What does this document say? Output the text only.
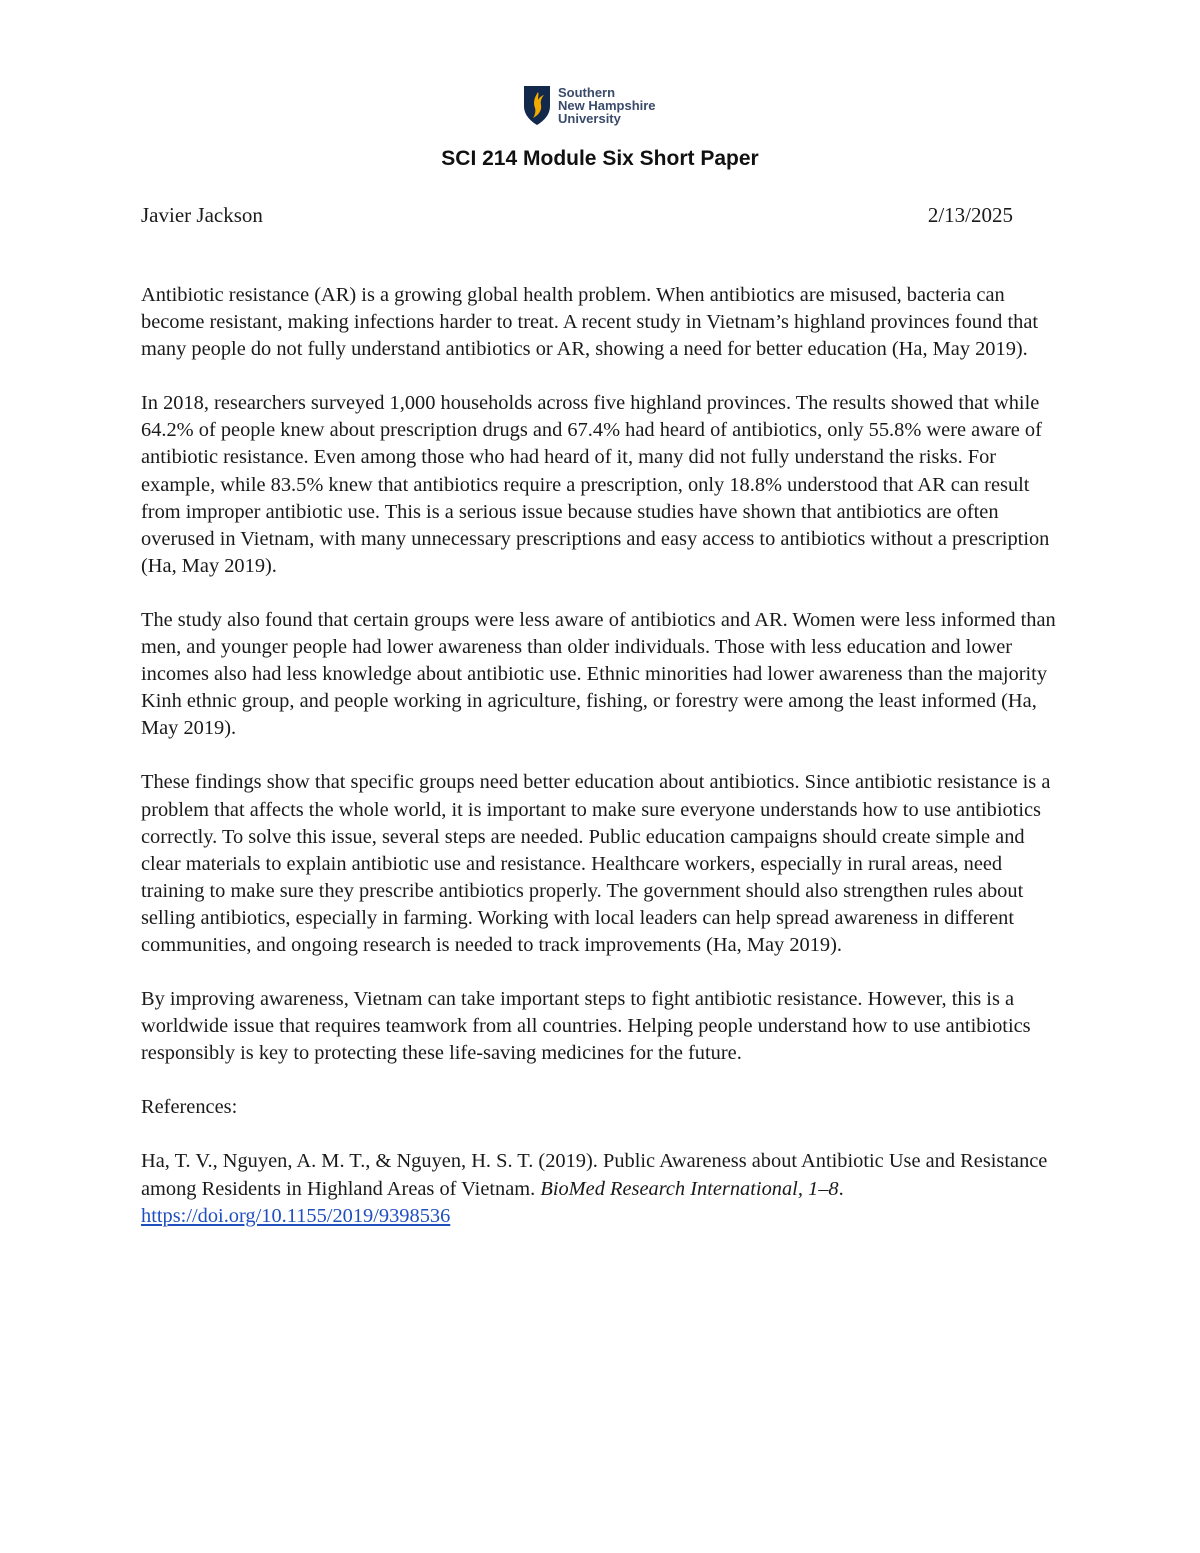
Southern
New Hampshire
University
SCI 214 Module Six Short Paper
Javier Jackson	2/13/2025

Antibiotic resistance (AR) is a growing global health problem. When antibiotics are misused, bacteria can become resistant, making infections harder to treat. A recent study in Vietnam’s highland provinces found that many people do not fully understand antibiotics or AR, showing a need for better education (Ha, May 2019).

In 2018, researchers surveyed 1,000 households across five highland provinces. The results showed that while 64.2% of people knew about prescription drugs and 67.4% had heard of antibiotics, only 55.8% were aware of antibiotic resistance. Even among those who had heard of it, many did not fully understand the risks. For example, while 83.5% knew that antibiotics require a prescription, only 18.8% understood that AR can result from improper antibiotic use. This is a serious issue because studies have shown that antibiotics are often overused in Vietnam, with many unnecessary prescriptions and easy access to antibiotics without a prescription (Ha, May 2019).

The study also found that certain groups were less aware of antibiotics and AR. Women were less informed than men, and younger people had lower awareness than older individuals. Those with less education and lower incomes also had less knowledge about antibiotic use. Ethnic minorities had lower awareness than the majority Kinh ethnic group, and people working in agriculture, fishing, or forestry were among the least informed (Ha, May 2019).

These findings show that specific groups need better education about antibiotics. Since antibiotic resistance is a problem that affects the whole world, it is important to make sure everyone understands how to use antibiotics correctly. To solve this issue, several steps are needed. Public education campaigns should create simple and clear materials to explain antibiotic use and resistance. Healthcare workers, especially in rural areas, need training to make sure they prescribe antibiotics properly. The government should also strengthen rules about selling antibiotics, especially in farming. Working with local leaders can help spread awareness in different communities, and ongoing research is needed to track improvements (Ha, May 2019).

By improving awareness, Vietnam can take important steps to fight antibiotic resistance. However, this is a worldwide issue that requires teamwork from all countries. Helping people understand how to use antibiotics responsibly is key to protecting these life-saving medicines for the future.

References:

Ha, T. V., Nguyen, A. M. T., & Nguyen, H. S. T. (2019). Public Awareness about Antibiotic Use and Resistance among Residents in Highland Areas of Vietnam. BioMed Research International, 1–8. https://doi.org/10.1155/2019/9398536
